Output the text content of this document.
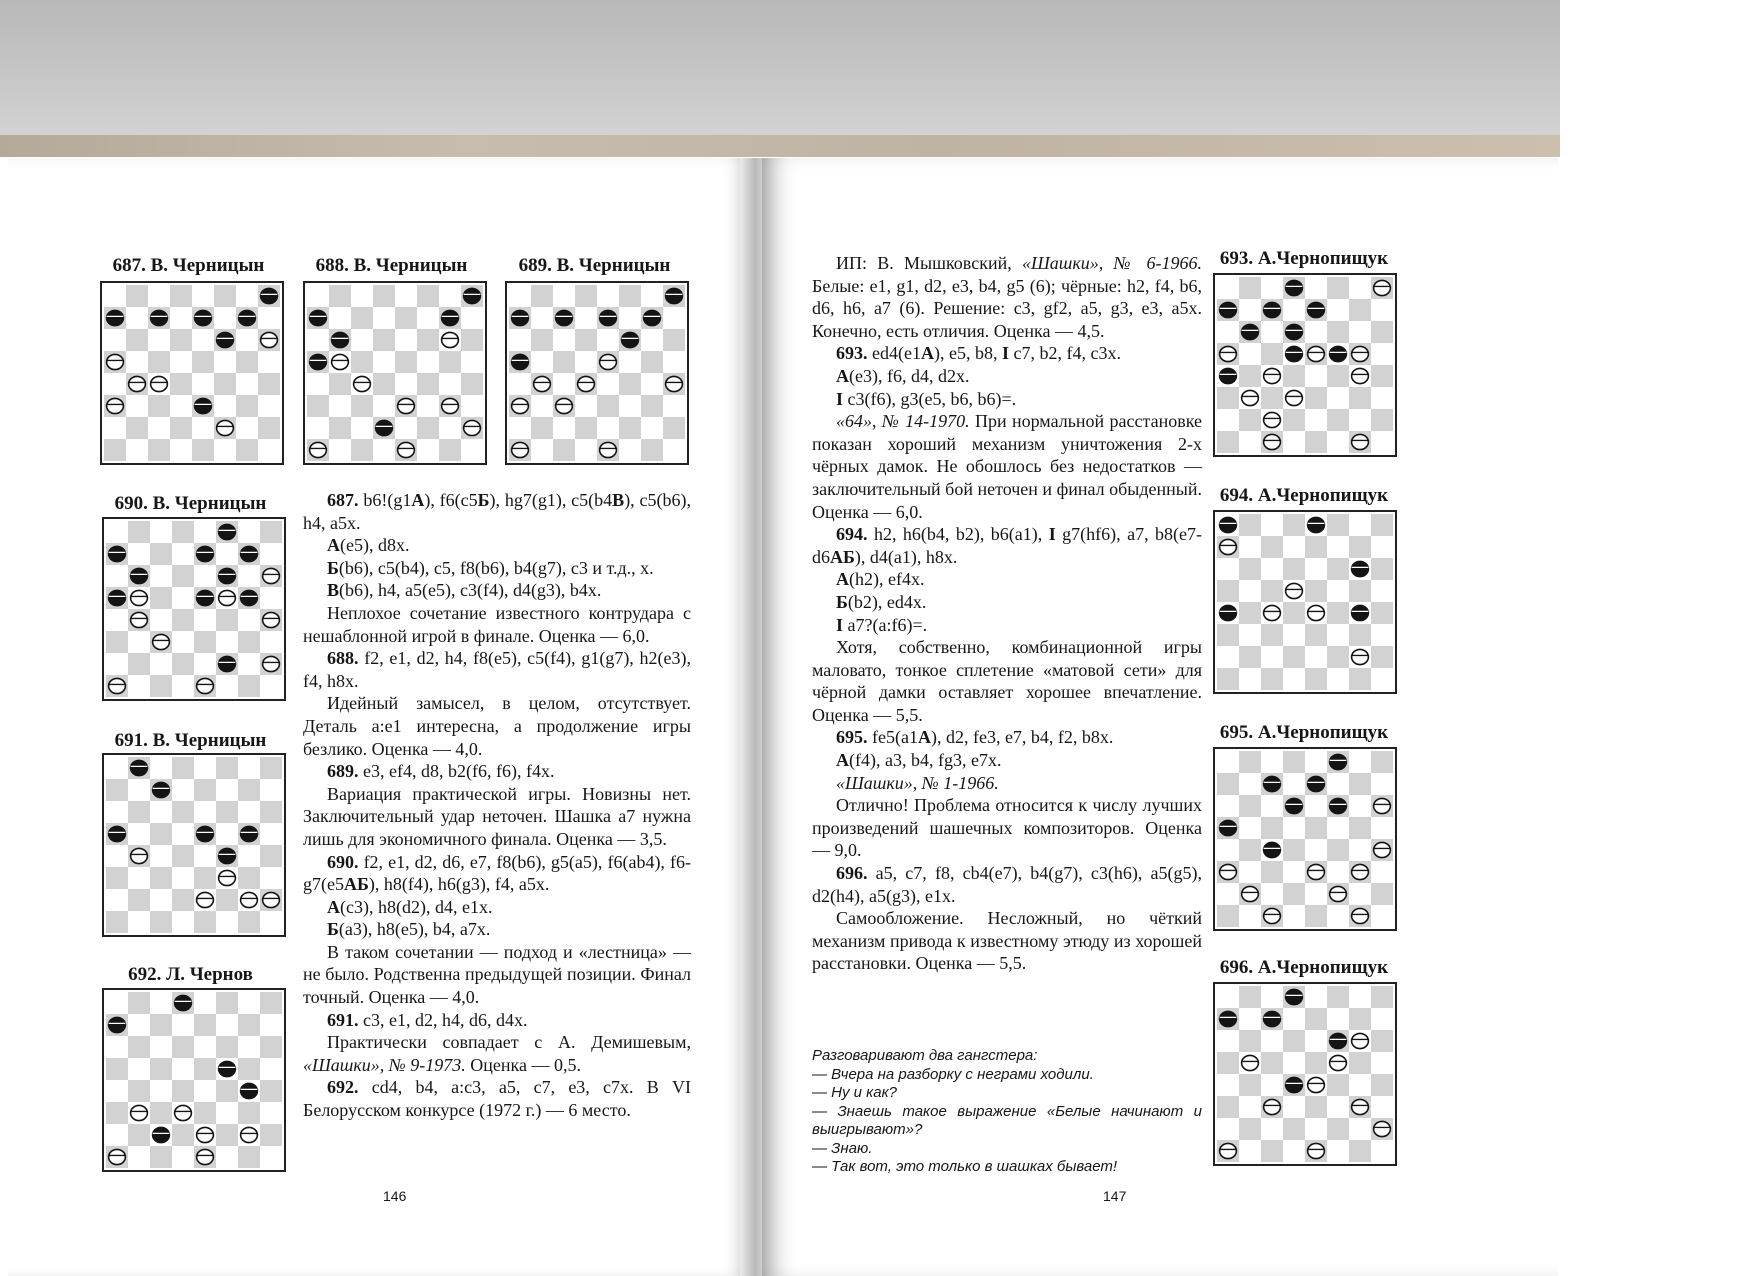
687. В. Черницын	688. В. Черницын	689. В. Черницын
690. В. Черницын
691. В. Черницын
692. Л. Чернов

687. b6!(g1А), f6(c5Б), hg7(g1), c5(b4В), c5(b6), h4, a5x.

А(e5), d8x.

Б(b6), c5(b4), c5, f8(b6), b4(g7), c3 и т.д., x.

В(b6), h4, a5(e5), c3(f4), d4(g3), b4x.

Неплохое сочетание известного контрудара с нешаблонной игрой в финале. Оценка — 6,0.

688. f2, e1, d2, h4, f8(e5), c5(f4), g1(g7), h2(e3), f4, h8x.

Идейный замысел, в целом, отсутствует. Деталь a:e1 интересна, а продолжение игры безлико. Оценка — 4,0.

689. e3, ef4, d8, b2(f6, f6), f4x.

Вариация практической игры. Новизны нет. Заключительный удар неточен. Шашка a7 нужна лишь для экономичного финала. Оценка — 3,5.

690. f2, e1, d2, d6, e7, f8(b6), g5(a5), f6(ab4), f6-g7(e5АБ), h8(f4), h6(g3), f4, a5x.

А(c3), h8(d2), d4, e1x.

Б(a3), h8(e5), b4, a7x.

В таком сочетании — подход и «лестница» — не было. Родственна предыдущей позиции. Финал точный. Оценка — 4,0.

691. c3, e1, d2, h4, d6, d4x.

Практически совпадает с А. Демишевым, «Шашки», № 9-1973. Оценка — 0,5.

692. cd4, b4, a:c3, a5, c7, e3, c7x. В VI Белорусском конкурсе (1972 г.) — 6 место.

146

ИП: В. Мышковский, «Шашки», № 6-1966. Белые: e1, g1, d2, e3, b4, g5 (6); чёрные: h2, f4, b6, d6, h6, a7 (6). Решение: c3, gf2, a5, g3, e3, a5x. Конечно, есть отличия. Оценка — 4,5.

693. ed4(e1А), e5, b8, I c7, b2, f4, c3x.

А(e3), f6, d4, d2x.

I c3(f6), g3(e5, b6, b6)=.

«64», № 14-1970. При нормальной расстановке показан хороший механизм уничтожения 2-х чёрных дамок. Не обошлось без недостатков — заключительный бой неточен и финал обыденный. Оценка — 6,0.

694. h2, h6(b4, b2), b6(a1), I g7(hf6), a7, b8(e7-d6АБ), d4(a1), h8x.

А(h2), ef4x.

Б(b2), ed4x.

I a7?(a:f6)=.

Хотя, собственно, комбинационной игры маловато, тонкое сплетение «матовой сети» для чёрной дамки оставляет хорошее впечатление. Оценка — 5,5.

695. fe5(a1А), d2, fe3, e7, b4, f2, b8x.

А(f4), a3, b4, fg3, e7x.

«Шашки», № 1-1966.

Отлично! Проблема относится к числу лучших произведений шашечных композиторов. Оценка — 9,0.

696. a5, c7, f8, cb4(e7), b4(g7), c3(h6), a5(g5), d2(h4), a5(g3), e1x.

Самообложение. Несложный, но чёткий механизм привода к известному этюду из хорошей расстановки. Оценка — 5,5.

693. А.Чернопищук
694. А.Чернопищук
695. А.Чернопищук
696. А.Чернопищук

Разговаривают два гангстера:

— Вчера на разборку с неграми ходили.

— Ну и как?

— Знаешь такое выражение «Белые начинают и выигрывают»?

— Знаю.

— Так вот, это только в шашках бывает!

147
